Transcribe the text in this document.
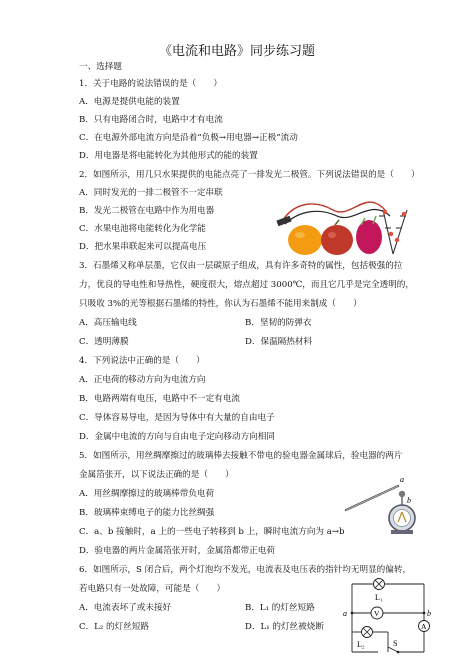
《电流和电路》同步练习题
一、选择题
1．关于电路的说法错误的是（　　）
A．电源是提供电能的装置
B．只有电路闭合时，电路中才有电流
C．在电源外部电流方向是沿着“负极→用电器→正极”流动
D．用电器是将电能转化为其他形式的能的装置
2．如图所示，用几只水果提供的电能点亮了一排发光二极管。下列说法错误的是（　　）
A．同时发光的一排二极管不一定串联
B．发光二极管在电路中作为用电器
C．水果电池将电能转化为化学能
D．把水果串联起来可以提高电压
3．石墨烯又称单层墨，它仅由一层碳原子组成，具有许多奇特的属性，包括极强的拉
力，优良的导电性和导热性，硬度很大，熔点超过 3000℃，而且它几乎是完全透明的，
只吸收 3%的光等根据石墨烯的特性，你认为石墨烯不能用来制成（　　）
A．高压输电线	B．坚韧的防弹衣
C．透明薄膜	D．保温隔热材料
4．下列说法中正确的是（　　）
A．正电荷的移动方向为电流方向
B．电路两端有电压，电路中不一定有电流
C．导体容易导电，是因为导体中有大量的自由电子
D．金属中电流的方向与自由电子定向移动方向相同
5．如图所示，用丝绸摩擦过的玻璃棒去接触不带电的验电器金属球后，验电器的两片
金属箔张开，以下说法正确的是（　　）
A．用丝绸摩擦过的玻璃棒带负电荷
B．玻璃棒束缚电子的能力比丝绸强
C．a、b 接触时，a 上的一些电子转移到 b 上，瞬时电流方向为 a→b
D．验电器的两片金属箔张开时，金属箔都带正电荷
a
b
6．如图所示，S 闭合后，两个灯泡均不发光，电流表及电压表的指针均无明显的偏转，
若电路只有一处故障，可能是（　　）
A．电流表坏了或未接好	B．L₁ 的灯丝短路
C．L₂ 的灯丝短路	D．L₁ 的灯丝被烧断
L₁
V
L₂
A
S
a	b
